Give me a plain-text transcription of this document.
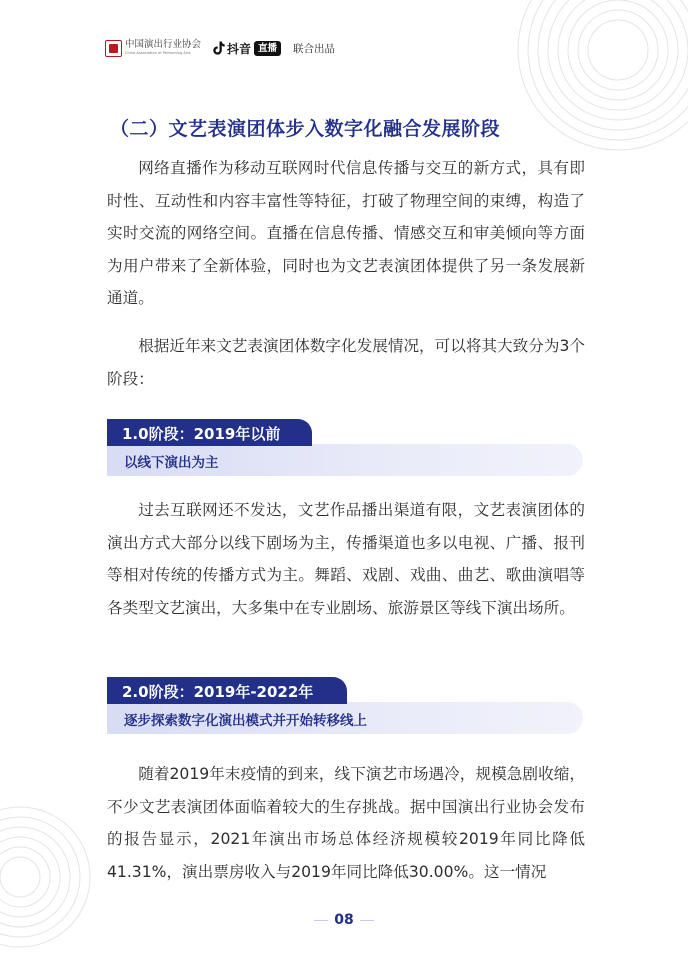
中国演出行业协会
China Association of Performing Arts	抖音 直播	联合出品
（二）文艺表演团体步入数字化融合发展阶段

网络直播作为移动互联网时代信息传播与交互的新方式，具有即时性、互动性和内容丰富性等特征，打破了物理空间的束缚，构造了实时交流的网络空间。直播在信息传播、情感交互和审美倾向等方面为用户带来了全新体验，同时也为文艺表演团体提供了另一条发展新通道。

根据近年来文艺表演团体数字化发展情况，可以将其大致分为3个阶段：

以线下演出为主
1.0阶段：2019年以前

过去互联网还不发达，文艺作品播出渠道有限，文艺表演团体的演出方式大部分以线下剧场为主，传播渠道也多以电视、广播、报刊等相对传统的传播方式为主。舞蹈、戏剧、戏曲、曲艺、歌曲演唱等各类型文艺演出，大多集中在专业剧场、旅游景区等线下演出场所。

逐步探索数字化演出模式并开始转移线上
2.0阶段：2019年-2022年

随着2019年末疫情的到来，线下演艺市场遇冷，规模急剧收缩，不少文艺表演团体面临着较大的生存挑战。据中国演出行业协会发布的报告显示，2021年演出市场总体经济规模较2019年同比降低41.31%，演出票房收入与2019年同比降低30.00%。这一情况

08
